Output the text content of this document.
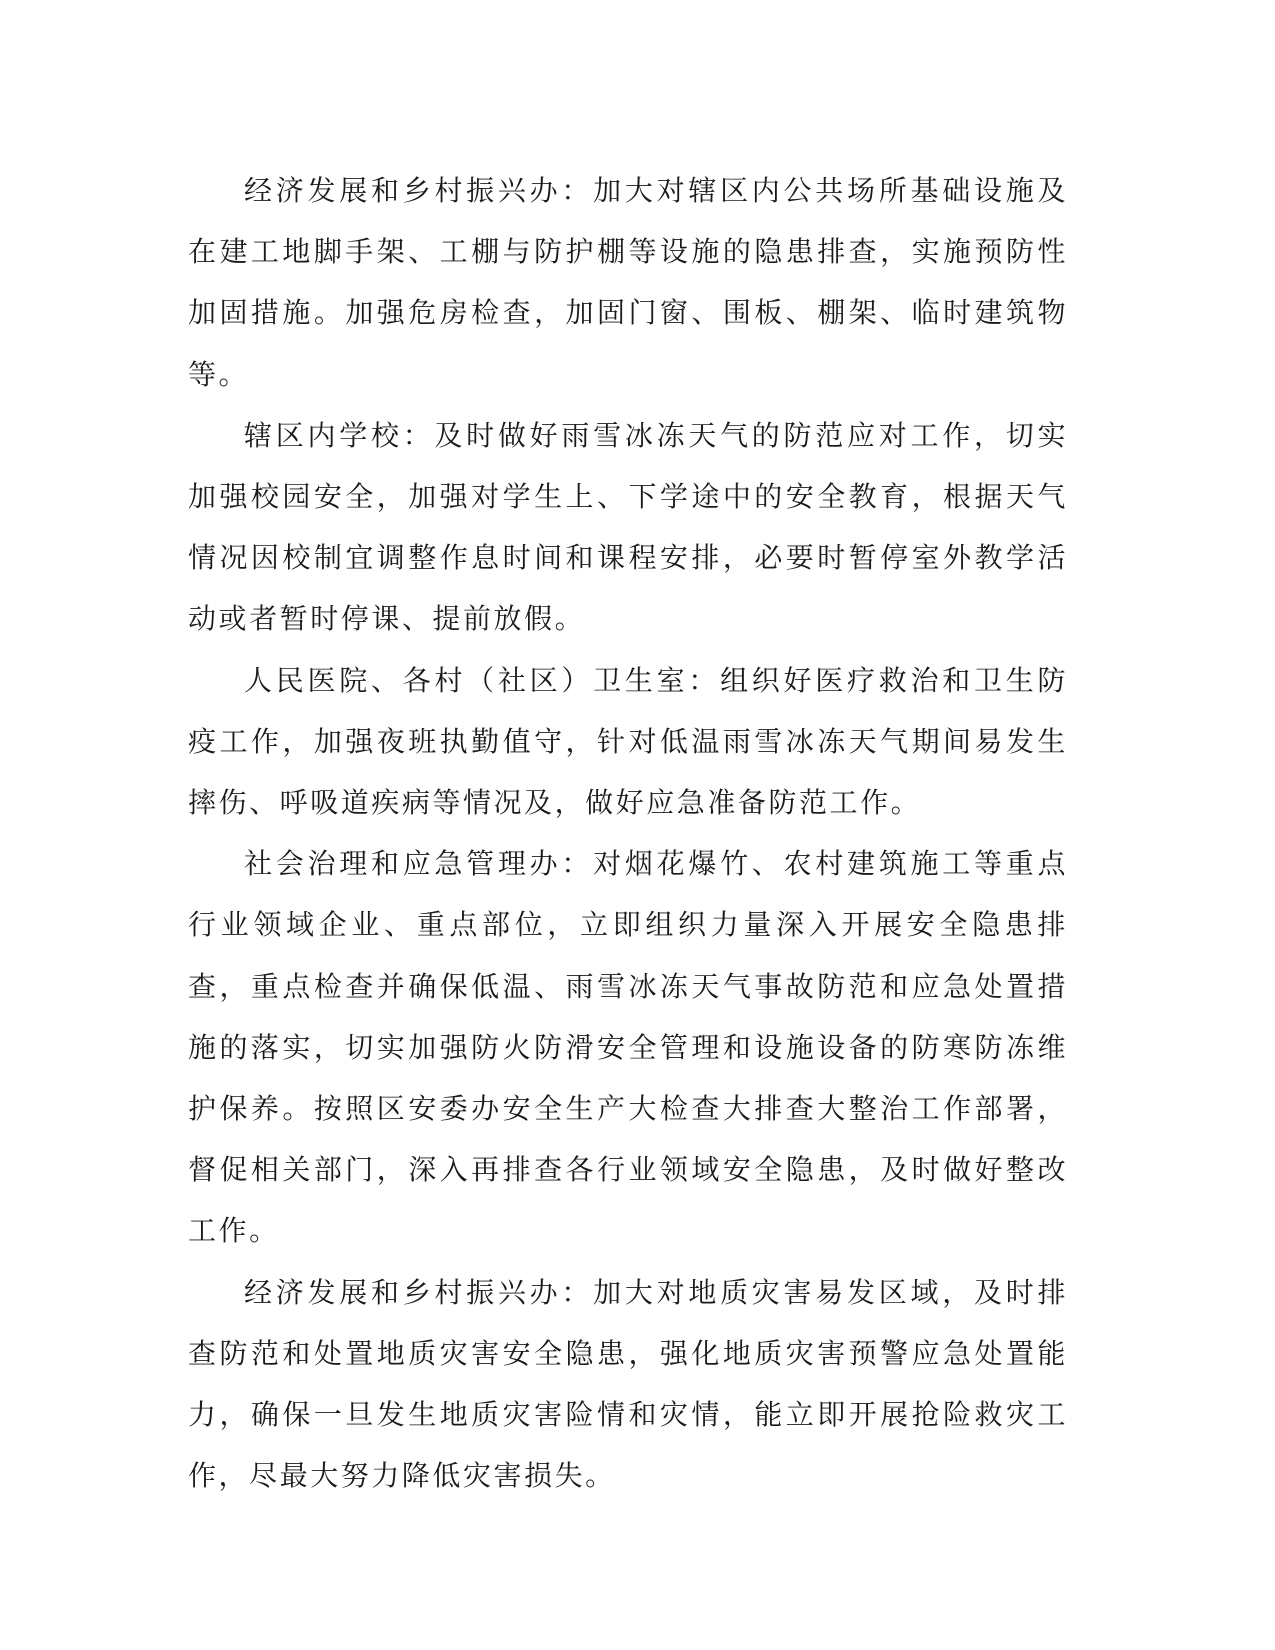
经济发展和乡村振兴办：加大对辖区内公共场所基础设施及在建工地脚手架、工棚与防护棚等设施的隐患排查，实施预防性加固措施。加强危房检查，加固门窗、围板、棚架、临时建筑物等。

辖区内学校：及时做好雨雪冰冻天气的防范应对工作，切实加强校园安全，加强对学生上、下学途中的安全教育，根据天气情况因校制宜调整作息时间和课程安排，必要时暂停室外教学活动或者暂时停课、提前放假。

人民医院、各村（社区）卫生室：组织好医疗救治和卫生防疫工作，加强夜班执勤值守，针对低温雨雪冰冻天气期间易发生摔伤、呼吸道疾病等情况及，做好应急准备防范工作。

社会治理和应急管理办：对烟花爆竹、农村建筑施工等重点行业领域企业、重点部位，立即组织力量深入开展安全隐患排查，重点检查并确保低温、雨雪冰冻天气事故防范和应急处置措施的落实，切实加强防火防滑安全管理和设施设备的防寒防冻维护保养。按照区安委办安全生产大检查大排查大整治工作部署，督促相关部门，深入再排查各行业领域安全隐患，及时做好整改工作。

经济发展和乡村振兴办：加大对地质灾害易发区域，及时排查防范和处置地质灾害安全隐患，强化地质灾害预警应急处置能力，确保一旦发生地质灾害险情和灾情，能立即开展抢险救灾工作，尽最大努力降低灾害损失。
